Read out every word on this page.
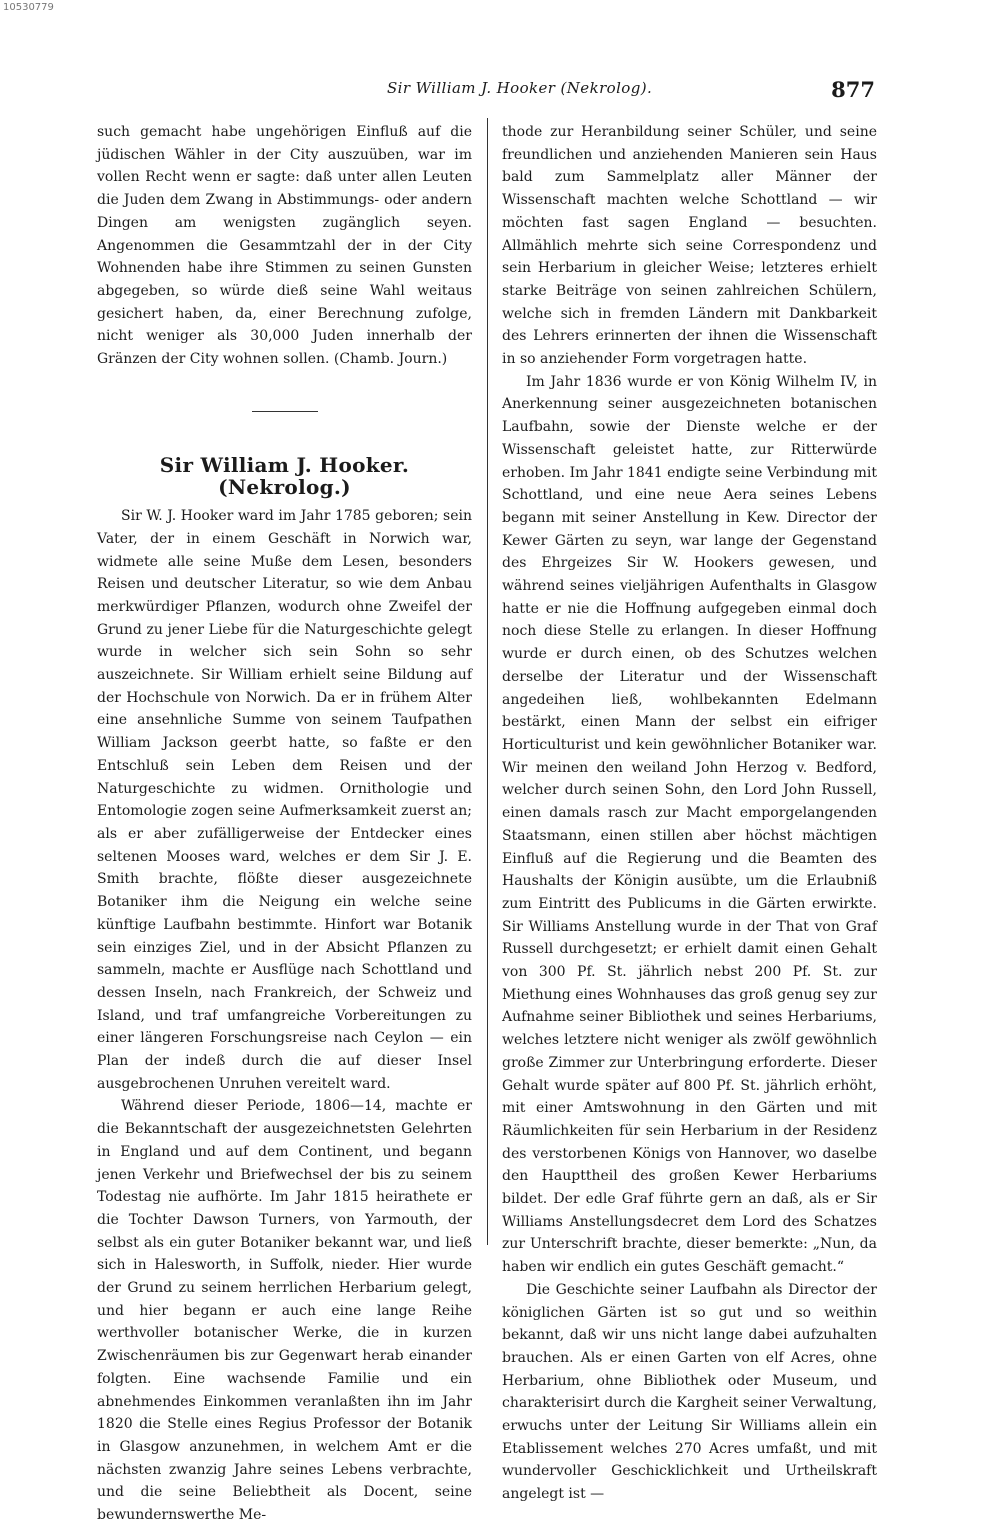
10530779
Sir William J. Hooker (Nekrolog).	877

such gemacht habe ungehörigen Einfluß auf die jüdischen Wähler in der City auszuüben, war im vollen Recht wenn er sagte: daß unter allen Leuten die Juden dem Zwang in Abstimmungs- oder andern Dingen am wenigsten zugänglich seyen. Angenommen die Gesammtzahl der in der City Wohnenden habe ihre Stimmen zu seinen Gunsten abgegeben, so würde dieß seine Wahl weitaus gesichert haben, da, einer Berechnung zufolge, nicht weniger als 30,000 Juden innerhalb der Gränzen der City wohnen sollen. (Chamb. Journ.)

Sir William J. Hooker. (Nekrolog.)

Sir W. J. Hooker ward im Jahr 1785 geboren; sein Vater, der in einem Geschäft in Norwich war, widmete alle seine Muße dem Lesen, besonders Reisen und deutscher Literatur, so wie dem Anbau merkwürdiger Pflanzen, wodurch ohne Zweifel der Grund zu jener Liebe für die Naturgeschichte gelegt wurde in welcher sich sein Sohn so sehr auszeichnete. Sir William erhielt seine Bildung auf der Hochschule von Norwich. Da er in frühem Alter eine ansehnliche Summe von seinem Taufpathen William Jackson geerbt hatte, so faßte er den Entschluß sein Leben dem Reisen und der Naturgeschichte zu widmen. Ornithologie und Entomologie zogen seine Aufmerksamkeit zuerst an; als er aber zufälligerweise der Entdecker eines seltenen Mooses ward, welches er dem Sir J. E. Smith brachte, flößte dieser ausgezeichnete Botaniker ihm die Neigung ein welche seine künftige Laufbahn bestimmte. Hinfort war Botanik sein einziges Ziel, und in der Absicht Pflanzen zu sammeln, machte er Ausflüge nach Schottland und dessen Inseln, nach Frankreich, der Schweiz und Island, und traf umfangreiche Vorbereitungen zu einer längeren Forschungsreise nach Ceylon — ein Plan der indeß durch die auf dieser Insel ausgebrochenen Unruhen vereitelt ward.

Während dieser Periode, 1806—14, machte er die Bekanntschaft der ausgezeichnetsten Gelehrten in England und auf dem Continent, und begann jenen Verkehr und Briefwechsel der bis zu seinem Todestag nie aufhörte. Im Jahr 1815 heirathete er die Tochter Dawson Turners, von Yarmouth, der selbst als ein guter Botaniker bekannt war, und ließ sich in Halesworth, in Suffolk, nieder. Hier wurde der Grund zu seinem herrlichen Herbarium gelegt, und hier begann er auch eine lange Reihe werthvoller botanischer Werke, die in kurzen Zwischenräumen bis zur Gegenwart herab einander folgten. Eine wachsende Familie und ein abnehmendes Einkommen veranlaßten ihn im Jahr 1820 die Stelle eines Regius Professor der Botanik in Glasgow anzunehmen, in welchem Amt er die nächsten zwanzig Jahre seines Lebens verbrachte, und die seine Beliebtheit als Docent, seine bewundernswerthe Me-

thode zur Heranbildung seiner Schüler, und seine freundlichen und anziehenden Manieren sein Haus bald zum Sammelplatz aller Männer der Wissenschaft machten welche Schottland — wir möchten fast sagen England — besuchten. Allmählich mehrte sich seine Correspondenz und sein Herbarium in gleicher Weise; letzteres erhielt starke Beiträge von seinen zahlreichen Schülern, welche sich in fremden Ländern mit Dankbarkeit des Lehrers erinnerten der ihnen die Wissenschaft in so anziehender Form vorgetragen hatte.

Im Jahr 1836 wurde er von König Wilhelm IV, in Anerkennung seiner ausgezeichneten botanischen Laufbahn, sowie der Dienste welche er der Wissenschaft geleistet hatte, zur Ritterwürde erhoben. Im Jahr 1841 endigte seine Verbindung mit Schottland, und eine neue Aera seines Lebens begann mit seiner Anstellung in Kew. Director der Kewer Gärten zu seyn, war lange der Gegenstand des Ehrgeizes Sir W. Hookers gewesen, und während seines vieljährigen Aufenthalts in Glasgow hatte er nie die Hoffnung aufgegeben einmal doch noch diese Stelle zu erlangen. In dieser Hoffnung wurde er durch einen, ob des Schutzes welchen derselbe der Literatur und der Wissenschaft angedeihen ließ, wohlbekannten Edelmann bestärkt, einen Mann der selbst ein eifriger Horticulturist und kein gewöhnlicher Botaniker war. Wir meinen den weiland John Herzog v. Bedford, welcher durch seinen Sohn, den Lord John Russell, einen damals rasch zur Macht emporgelangenden Staatsmann, einen stillen aber höchst mächtigen Einfluß auf die Regierung und die Beamten des Haushalts der Königin ausübte, um die Erlaubniß zum Eintritt des Publicums in die Gärten erwirkte. Sir Williams Anstellung wurde in der That von Graf Russell durchgesetzt; er erhielt damit einen Gehalt von 300 Pf. St. jährlich nebst 200 Pf. St. zur Miethung eines Wohnhauses das groß genug sey zur Aufnahme seiner Bibliothek und seines Herbariums, welches letztere nicht weniger als zwölf gewöhnlich große Zimmer zur Unterbringung erforderte. Dieser Gehalt wurde später auf 800 Pf. St. jährlich erhöht, mit einer Amtswohnung in den Gärten und mit Räumlichkeiten für sein Herbarium in der Residenz des verstorbenen Königs von Hannover, wo daselbe den Haupttheil des großen Kewer Herbariums bildet. Der edle Graf führte gern an daß, als er Sir Williams Anstellungsdecret dem Lord des Schatzes zur Unterschrift brachte, dieser bemerkte: „Nun, da haben wir endlich ein gutes Geschäft gemacht.“

Die Geschichte seiner Laufbahn als Director der königlichen Gärten ist so gut und so weithin bekannt, daß wir uns nicht lange dabei aufzuhalten brauchen. Als er einen Garten von elf Acres, ohne Herbarium, ohne Bibliothek oder Museum, und charakterisirt durch die Kargheit seiner Verwaltung, erwuchs unter der Leitung Sir Williams allein ein Etablissement welches 270 Acres umfaßt, und mit wundervoller Geschicklichkeit und Urtheilskraft angelegt ist —
